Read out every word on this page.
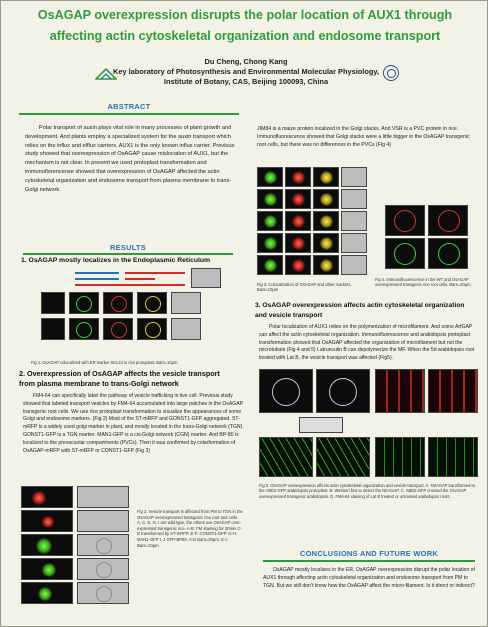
OsAGAP overexpression disrupts the polar location of AUX1 through
affecting actin cytoskeletal organization and endosome transport
Du Cheng, Chong Kang
Key laboratory of Photosynthesis and Environmental Molecular Physiology,
Institute of Botany, CAS, Beijing 100093, China
ABSTRACT
Polar transport of auxin plays vital role in many processes of plant growth and development. And plants employ a specialized system for the auxin transport which relies on the influx and efflux carriers. AUX1 is the only known influx carrier. Previous study showed that overexpression of OsAGAP cause mislocation of AUX1, but the mechanism is not clear. In present we used protoplast transformation and immunoflorencense showed that overexpression of OsAGAP affected the actin cytoskeletal organization and endosome transport from plasma membrane to trans-Golgi network.
JIM84 is a maize protein localized in the Golgi stacks. And VSR is a PVC protein in rice. Immunofluorescence showed that Golgi stacks were a little bigger in the OsAGAP transgenic root cells, but there was no differences in the PVCs (Fig 4)
RESULTS
1. OsAGAP mostly localizes in the Endoplasmic Reticulum
Fig 1. OsAGAP colocalized with ER marker SKL23 in rice protoplast. Bars=10μm.
2. Overexpression of OsAGAP affects the vesicle transport
from plasma membrane to trans-Golgi network
FM4-64 can specifically label the pathway of vesicle trafficking in live cell. Previous study showed that labeled transport vesicles by FM4-64 accumulated into large patches in the OsAGAP transgenic root cells. We use rice protoplast transformation to visualize the appearances of some Golgi and endosome markers. (Fig 2) Most of the ST-mRFP and GONST1-GFP aggregated. ST-mRFP is a widely used golgi marker in plant, and mostly located in the trans-Golgi network (TGN). GONST1-GFP is a TGN marker. MAN1-GFP is a cis-Golgi network (CGN) marker. And BP-80 is localized to the prevacuolar compartments (PVCs). Then it was confirmed by colarformation of OsAGAP-mRFP with ST-mRFP or CONST1-GFP (Fig 3)
Fig 2. Vesicle transport is affected from PM to TGN in the OsAGAP overexpressed transgenic rice root and cells. A, C, E, G, I are wild type, the others are OsAGAP over-expressed transgenic rice. A-B: FM staining for 30min C-D transformed by ST-mRFP. E-F: CONST1-GFP. G-H: MAN1-GFP I, J GFP-BP80. A-D Bars=20μm. E-J Bars=10μm
Fig 3. Colocalization of OsAGAP and other markers. Bars=10μm
Fig 4. Immunofluorescence in the WT and OsAGAP overexpressed transgenic rice root cells. Bars=20μm.
3. OsAGAP overexpression affects actin cytoskeletal organization
and vesicle transport
Polar localization of AUX1 relies on the polymerization of microfilament. And some ArfGAP can affect the actin cytoskeletal organization. Immunofluorescence and arabidopsis protoplast transformation showed that OsAGAP affected the organization of microfilament but not the microtubule (Fig 4 and 5) Latrunculin B can depolymerize the MF. When the 5d arabidopsis root treated with Lat B, the vesicle transport was affected (Fig5).
Fig 5. OsAGAP overexpression affects actin cytoskeletal organization and vesicle transport. A. NtrAGAP transformed to the ABD2-GFP arabidopsis protoplast. B. Western blot to detect the NtrAGAP. C. ABD2-GFP crossed the OsAGAP overexpressed transgenic arabidopsis. D. FM4-64 staining of Lat B treated or untreated arabidopsis roots.
CONCLUSIONS AND FUTURE WORK
OsAGAP mostly localizes in the ER. OsAGAP overexpression disrupt the polar location of AUX1 through affecting actin cytoskeletal organization and endosome transport from PM to TGN. But we still don't know how the OsAGAP affect the micro-filament. Is it direct or indirect?
